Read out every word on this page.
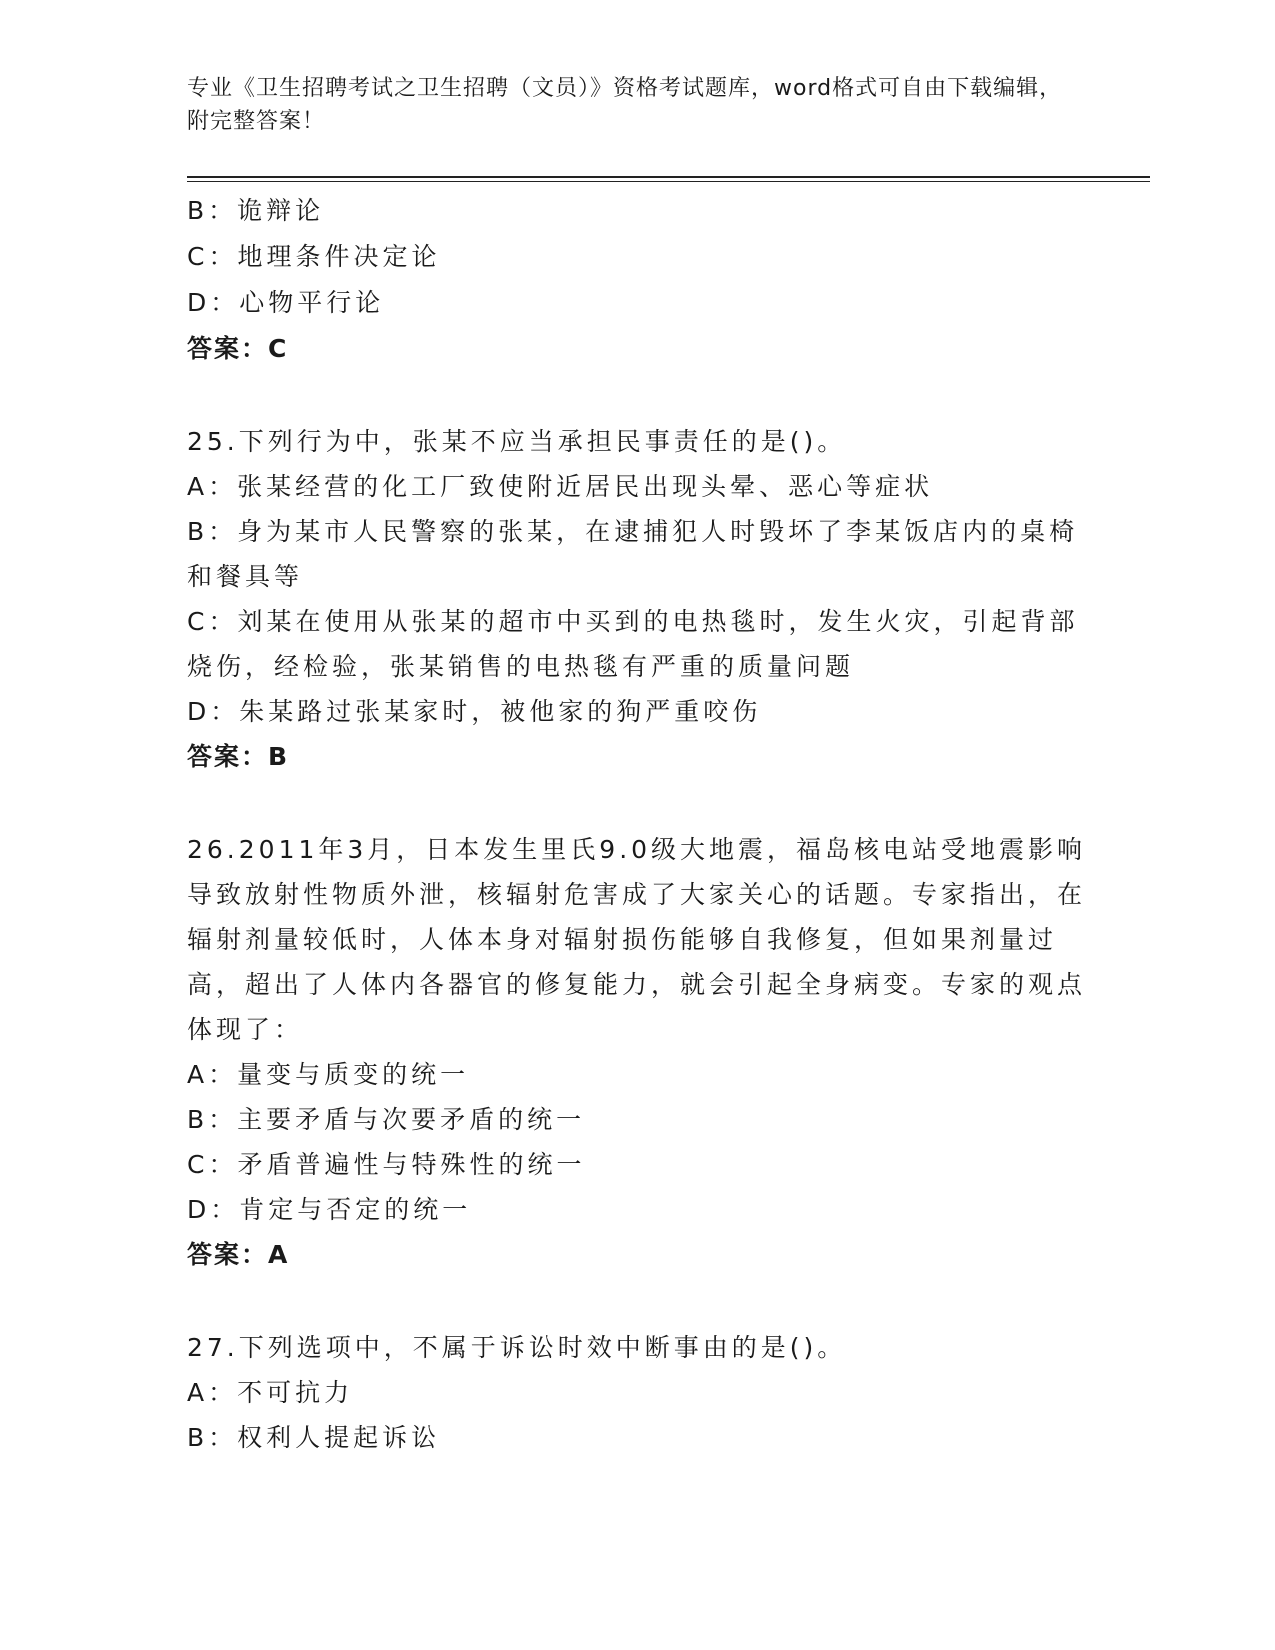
专业《卫生招聘考试之卫生招聘（文员）》资格考试题库，word格式可自由下载编辑，附完整答案！
B：诡辩论
C：地理条件决定论
D：心物平行论
答案：C
25.下列行为中，张某不应当承担民事责任的是()。
A：张某经营的化工厂致使附近居民出现头晕、恶心等症状
B：身为某市人民警察的张某，在逮捕犯人时毁坏了李某饭店内的桌椅和餐具等
C：刘某在使用从张某的超市中买到的电热毯时，发生火灾，引起背部烧伤，经检验，张某销售的电热毯有严重的质量问题
D：朱某路过张某家时，被他家的狗严重咬伤
答案：B
26.2011年3月，日本发生里氏9.0级大地震，福岛核电站受地震影响导致放射性物质外泄，核辐射危害成了大家关心的话题。专家指出，在辐射剂量较低时，人体本身对辐射损伤能够自我修复，但如果剂量过高，超出了人体内各器官的修复能力，就会引起全身病变。专家的观点体现了：
A：量变与质变的统一
B：主要矛盾与次要矛盾的统一
C：矛盾普遍性与特殊性的统一
D：肯定与否定的统一
答案：A
27.下列选项中，不属于诉讼时效中断事由的是()。
A：不可抗力
B：权利人提起诉讼
